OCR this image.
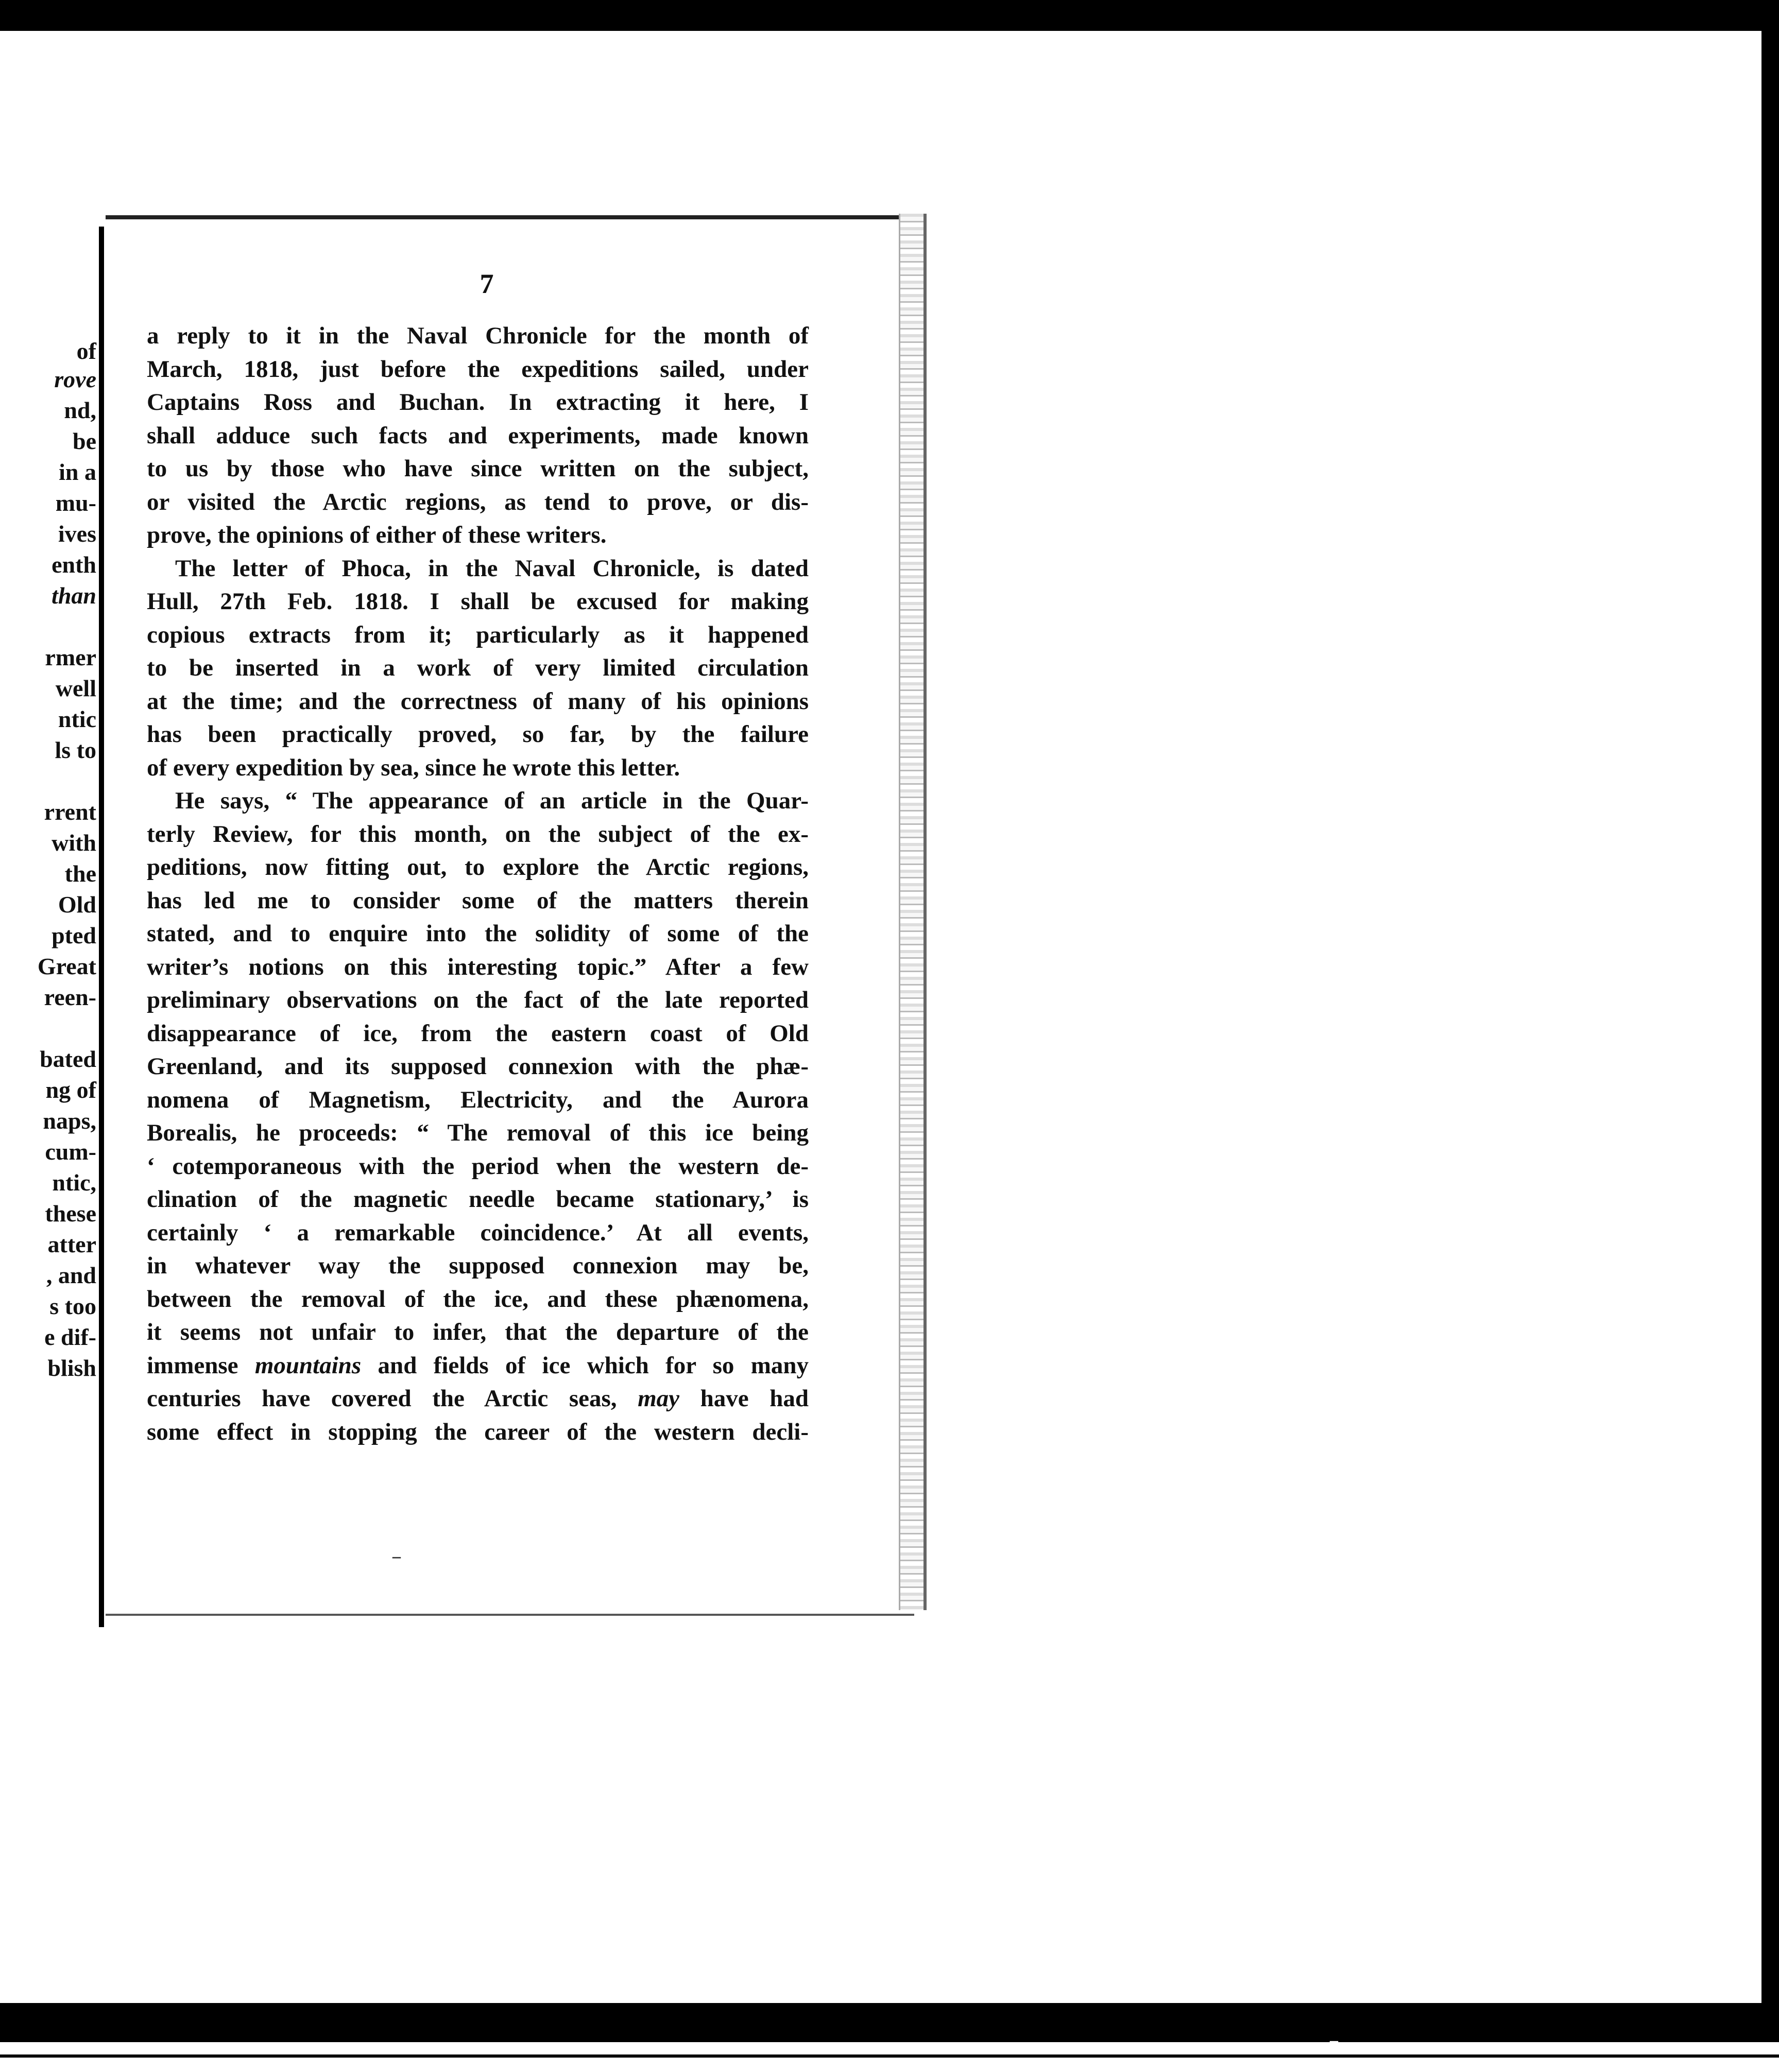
of
rove
nd,
be
in a
mu-
ives
enth
than
rmer
well
ntic
ls to
rrent
with
the
Old
pted
Great
reen-
bated
ng of
naps,
cum-
ntic,
these
atter
, and
s too
e dif-
blish
7
a reply to it in the Naval Chronicle for the month of
March, 1818, just before the expeditions sailed, under
Captains Ross and Buchan. In extracting it here, I
shall adduce such facts and experiments, made known
to us by those who have since written on the subject,
or visited the Arctic regions, as tend to prove, or dis-
prove, the opinions of either of these writers.
The letter of Phoca, in the Naval Chronicle, is dated
Hull, 27th Feb. 1818. I shall be excused for making
copious extracts from it; particularly as it happened
to be inserted in a work of very limited circulation
at the time; and the correctness of many of his opinions
has been practically proved, so far, by the failure
of every expedition by sea, since he wrote this letter.
He says, “ The appearance of an article in the Quar-
terly Review, for this month, on the subject of the ex-
peditions, now fitting out, to explore the Arctic regions,
has led me to consider some of the matters therein
stated, and to enquire into the solidity of some of the
writer’s notions on this interesting topic.” After a few
preliminary observations on the fact of the late reported
disappearance of ice, from the eastern coast of Old
Greenland, and its supposed connexion with the phæ-
nomena of Magnetism, Electricity, and the Aurora
Borealis, he proceeds: “ The removal of this ice being
‘ cotemporaneous with the period when the western de-
clination of the magnetic needle became stationary,’ is
certainly ‘ a remarkable coincidence.’ At all events,
in whatever way the supposed connexion may be,
between the removal of the ice, and these phænomena,
it seems not unfair to infer, that the departure of the
immense mountains and fields of ice which for so many
centuries have covered the Arctic seas, may have had
some effect in stopping the career of the western decli-
–
–
